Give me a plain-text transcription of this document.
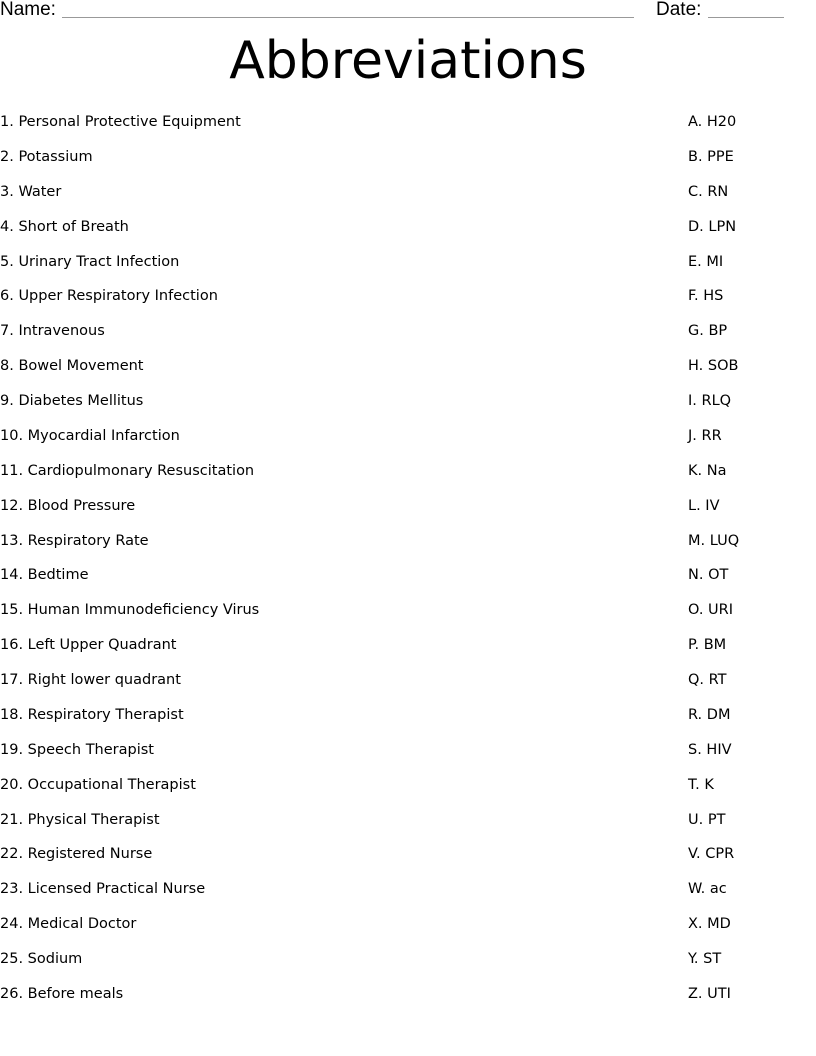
Name:	Date:
Abbreviations
1. Personal Protective Equipment	A. H20
2. Potassium	B. PPE
3. Water	C. RN
4. Short of Breath	D. LPN
5. Urinary Tract Infection	E. MI
6. Upper Respiratory Infection	F. HS
7. Intravenous	G. BP
8. Bowel Movement	H. SOB
9. Diabetes Mellitus	I. RLQ
10. Myocardial Infarction	J. RR
11. Cardiopulmonary Resuscitation	K. Na
12. Blood Pressure	L. IV
13. Respiratory Rate	M. LUQ
14. Bedtime	N. OT
15. Human Immunodeficiency Virus	O. URI
16. Left Upper Quadrant	P. BM
17. Right lower quadrant	Q. RT
18. Respiratory Therapist	R. DM
19. Speech Therapist	S. HIV
20. Occupational Therapist	T. K
21. Physical Therapist	U. PT
22. Registered Nurse	V. CPR
23. Licensed Practical Nurse	W. ac
24. Medical Doctor	X. MD
25. Sodium	Y. ST
26. Before meals	Z. UTI
